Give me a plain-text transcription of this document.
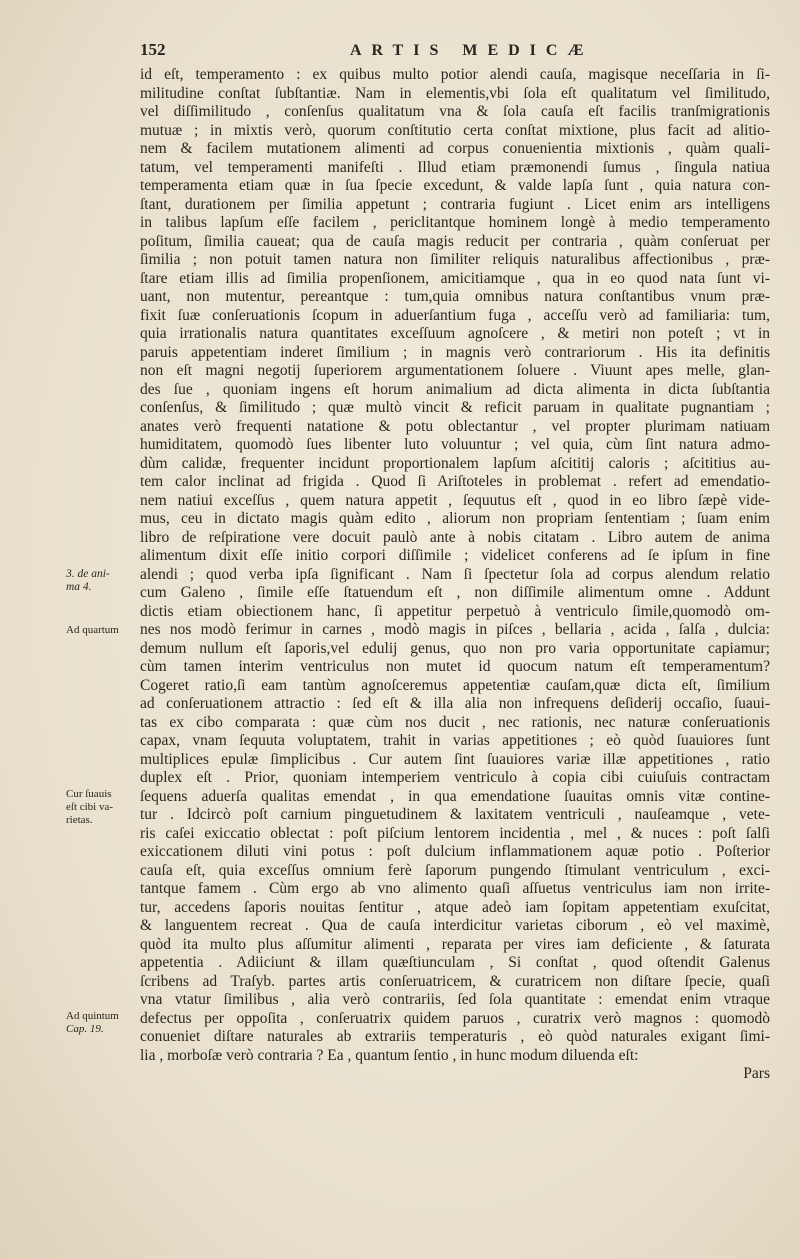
152	ARTIS MEDICÆ
id eſt, temperamento : ex quibus multo potior alendi cauſa, magisque neceſſaria in ſi-
militudine conſtat ſubſtantiæ. Nam in elementis,vbi ſola eſt qualitatum vel ſimilitudo,
vel diſſimilitudo , conſenſus qualitatum vna & ſola cauſa eſt facilis tranſmigrationis
mutuæ ; in mixtis verò, quorum conſtitutio certa conſtat mixtione, plus facit ad alitio-
nem & facilem mutationem alimenti ad corpus conuenientia mixtionis , quàm quali-
tatum, vel temperamenti manifeſti . Illud etiam præmonendi ſumus , ſingula natiua
temperamenta etiam quæ in ſua ſpecie excedunt, & valde lapſa ſunt , quia natura con-
ſtant, durationem per ſimilia appetunt ; contraria fugiunt . Licet enim ars intelligens
in talibus lapſum eſſe facilem , periclitantque hominem longè à medio temperamento
poſitum, ſimilia caueat; qua de cauſa magis reducit per contraria , quàm conſeruat per
ſimilia ; non potuit tamen natura non ſimiliter reliquis naturalibus affectionibus , præ-
ſtare etiam illis ad ſimilia propenſionem, amicitiamque , qua in eo quod nata ſunt vi-
uant, non mutentur, pereantque : tum,quia omnibus natura conſtantibus vnum præ-
fixit ſuæ conſeruationis ſcopum in aduerſantium fuga , acceſſu verò ad familiaria: tum,
quia irrationalis natura quantitates exceſſuum agnoſcere , & metiri non poteſt ; vt in
paruis appetentiam inderet ſimilium ; in magnis verò contrariorum . His ita definitis
non eſt magni negotij ſuperiorem argumentationem ſoluere . Viuunt apes melle, glan-
des ſue , quoniam ingens eſt horum animalium ad dicta alimenta in dicta ſubſtantia
conſenſus, & ſimilitudo ; quæ multò vincit & reficit paruam in qualitate pugnantiam ;
anates verò frequenti natatione & potu oblectantur , vel propter plurimam natiuam
humiditatem, quomodò ſues libenter luto voluuntur ; vel quia, cùm ſint natura admo-
dùm calidæ, frequenter incidunt proportionalem lapſum aſcititij caloris ; aſcititius au-
tem calor inclinat ad frigida . Quod ſi Ariſtoteles in problemat . refert ad emendatio-
nem natiui exceſſus , quem natura appetit , ſequutus eſt , quod in eo libro ſæpè vide-
mus, ceu in dictato magis quàm edito , aliorum non propriam ſententiam ; ſuam enim
libro de reſpiratione vere docuit paulò ante à nobis citatam . Libro autem de anima
alimentum dixit eſſe initio corpori diſſimile ; videlicet conferens ad ſe ipſum in fine
alendi ; quod verba ipſa ſignificant . Nam ſi ſpectetur ſola ad corpus alendum relatio
cum Galeno , ſimile eſſe ſtatuendum eſt , non diſſimile alimentum omne . Addunt
dictis etiam obiectionem hanc, ſi appetitur perpetuò à ventriculo ſimile,quomodò om-
nes nos modò ferimur in carnes , modò magis in piſces , bellaria , acida , ſalſa , dulcia:
demum nullum eſt ſaporis,vel edulij genus, quo non pro varia opportunitate capiamur;
cùm tamen interim ventriculus non mutet id quocum natum eſt temperamentum?
Cogeret ratio,ſi eam tantùm agnoſceremus appetentiæ cauſam,quæ dicta eſt, ſimilium
ad conſeruationem attractio : ſed eſt & illa alia non infrequens deſiderij occaſio, ſuaui-
tas ex cibo comparata : quæ cùm nos ducit , nec rationis, nec naturæ conſeruationis
capax, vnam ſequuta voluptatem, trahit in varias appetitiones ; eò quòd ſuauiores ſunt
multiplices epulæ ſimplicibus . Cur autem ſint ſuauiores variæ illæ appetitiones , ratio
duplex eſt . Prior, quoniam intemperiem ventriculo à copia cibi cuiuſuis contractam
ſequens aduerſa qualitas emendat , in qua emendatione ſuauitas omnis vitæ contine-
tur . Idcircò poſt carnium pinguetudinem & laxitatem ventriculi , nauſeamque , vete-
ris caſei exiccatio oblectat : poſt piſcium lentorem incidentia , mel , & nuces : poſt ſalſi
exiccationem diluti vini potus : poſt dulcium inflammationem aquæ potio . Poſterior
cauſa eſt, quia exceſſus omnium ferè ſaporum pungendo ſtimulant ventriculum , exci-
tantque famem . Cùm ergo ab vno alimento quaſi aſſuetus ventriculus iam non irrite-
tur, accedens ſaporis nouitas ſentitur , atque adeò iam ſopitam appetentiam exuſcitat,
& languentem recreat . Qua de cauſa interdicitur varietas ciborum , eò vel maximè,
quòd ita multo plus aſſumitur alimenti , reparata per vires iam deficiente , & ſaturata
appetentia . Adiiciunt & illam quæſtiunculam , Si conſtat , quod oſtendit Galenus
ſcribens ad Traſyb. partes artis conſeruatricem, & curatricem non diſtare ſpecie, quaſi
vna vtatur ſimilibus , alia verò contrariis, ſed ſola quantitate : emendat enim vtraque
defectus per oppoſita , conſeruatrix quidem paruos , curatrix verò magnos : quomodò
conueniet diſtare naturales ab extrariis temperaturis , eò quòd naturales exigant ſimi-
lia , morboſæ verò contraria ? Ea , quantum ſentio , in hunc modum diluenda eſt:
Pars
3. de ani-
ma 4.
Ad quartum
Cur ſuauis
eſt cibi va-
rietas.
Ad quintum
Cap. 19.
